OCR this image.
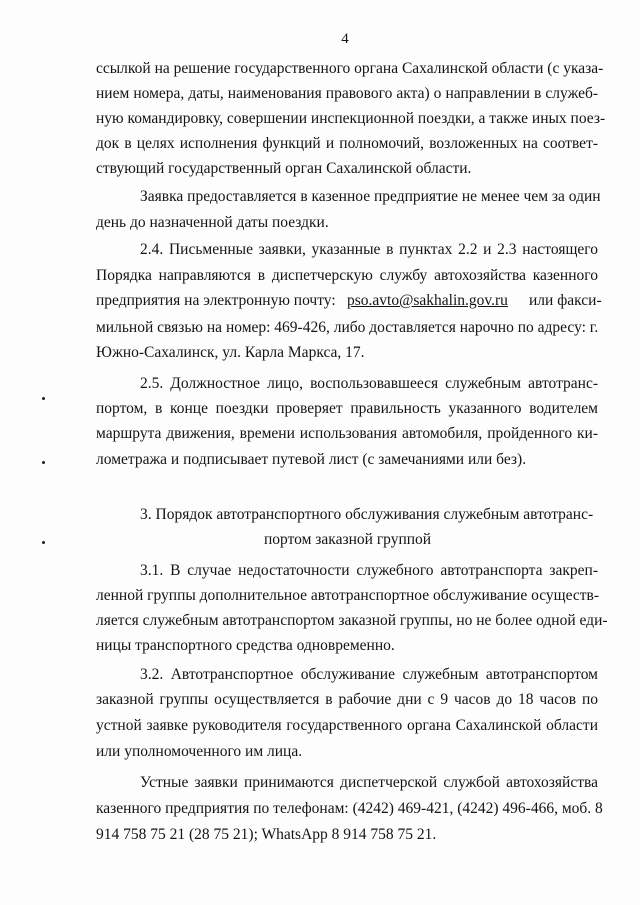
4
ссылкой на решение государственного органа Сахалинской области (с указа-
нием номера, даты, наименования правового акта) о направлении в служеб-
ную командировку, совершении инспекционной поездки, а также иных поез-
док в целях исполнения функций и полномочий, возложенных на соответ-
ствующий государственный орган Сахалинской области.
Заявка предоставляется в казенное предприятие не менее чем за один
день до назначенной даты поездки.
2.4. Письменные заявки, указанные в пунктах 2.2 и 2.3 настоящего
Порядка направляются в диспетчерскую службу автохозяйства казенного
предприятия на электронную почту: pso.avto@sakhalin.gov.ru или факси-
мильной связью на номер: 469-426, либо доставляется нарочно по адресу: г.
Южно-Сахалинск, ул. Карла Маркса, 17.
2.5. Должностное лицо, воспользовавшееся служебным автотранс-
портом, в конце поездки проверяет правильность указанного водителем
маршрута движения, времени использования автомобиля, пройденного ки-
лометража и подписывает путевой лист (с замечаниями или без).
3. Порядок автотранспортного обслуживания служебным автотранс-
портом заказной группой
3.1. В случае недостаточности служебного автотранспорта закреп-
ленной группы дополнительное автотранспортное обслуживание осуществ-
ляется служебным автотранспортом заказной группы, но не более одной еди-
ницы транспортного средства одновременно.
3.2. Автотранспортное обслуживание служебным автотранспортом
заказной группы осуществляется в рабочие дни с 9 часов до 18 часов по
устной заявке руководителя государственного органа Сахалинской области
или уполномоченного им лица.
Устные заявки принимаются диспетчерской службой автохозяйства
казенного предприятия по телефонам: (4242) 469-421, (4242) 496-466, моб. 8
914 758 75 21 (28 75 21); WhatsApp 8 914 758 75 21.
